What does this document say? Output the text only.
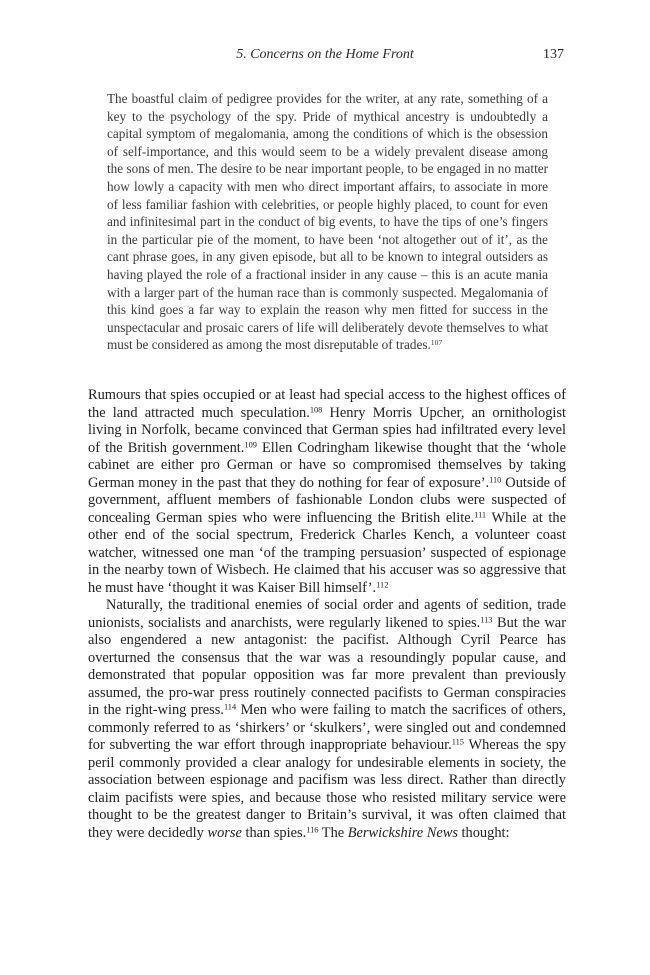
5. Concerns on the Home Front	137
The boastful claim of pedigree provides for the writer, at any rate, something of a key to the psychology of the spy. Pride of mythical ancestry is undoubtedly a capital symptom of megalomania, among the conditions of which is the obsession of self-importance, and this would seem to be a widely prevalent disease among the sons of men. The desire to be near important people, to be engaged in no matter how lowly a capacity with men who direct important affairs, to associate in more of less familiar fashion with celebrities, or people highly placed, to count for even and infinitesimal part in the conduct of big events, to have the tips of one’s fingers in the particular pie of the moment, to have been ‘not altogether out of it’, as the cant phrase goes, in any given episode, but all to be known to integral outsiders as having played the role of a fractional insider in any cause – this is an acute mania with a larger part of the human race than is commonly suspected. Megalomania of this kind goes a far way to explain the reason why men fitted for success in the unspectacular and prosaic carers of life will deliberately devote themselves to what must be considered as among the most disreputable of trades.$^{107}$

Rumours that spies occupied or at least had special access to the highest offices of the land attracted much speculation.$^{108}$ Henry Morris Upcher, an ornithologist living in Norfolk, became convinced that German spies had infiltrated every level of the British government.$^{109}$ Ellen Codringham likewise thought that the ‘whole cabinet are either pro German or have so compromised themselves by taking German money in the past that they do nothing for fear of exposure’.$^{110}$ Outside of government, affluent members of fashionable London clubs were suspected of concealing German spies who were influencing the British elite.$^{111}$ While at the other end of the social spectrum, Frederick Charles Kench, a volunteer coast watcher, witnessed one man ‘of the tramping persuasion’ suspected of espionage in the nearby town of Wisbech. He claimed that his accuser was so aggressive that he must have ‘thought it was Kaiser Bill himself’.$^{112}$

Naturally, the traditional enemies of social order and agents of sedition, trade unionists, socialists and anarchists, were regularly likened to spies.$^{113}$ But the war also engendered a new antagonist: the pacifist. Although Cyril Pearce has overturned the consensus that the war was a resoundingly popular cause, and demonstrated that popular opposition was far more prevalent than previously assumed, the pro-war press routinely connected pacifists to German conspiracies in the right-wing press.$^{114}$ Men who were failing to match the sacrifices of others, commonly referred to as ‘shirkers’ or ‘skulkers’, were singled out and condemned for subverting the war effort through inappropriate behaviour.$^{115}$ Whereas the spy peril commonly provided a clear analogy for undesirable elements in society, the association between espionage and pacifism was less direct. Rather than directly claim pacifists were spies, and because those who resisted military service were thought to be the greatest danger to Britain’s survival, it was often claimed that they were decidedly worse than spies.$^{116}$ The Berwickshire News thought:
